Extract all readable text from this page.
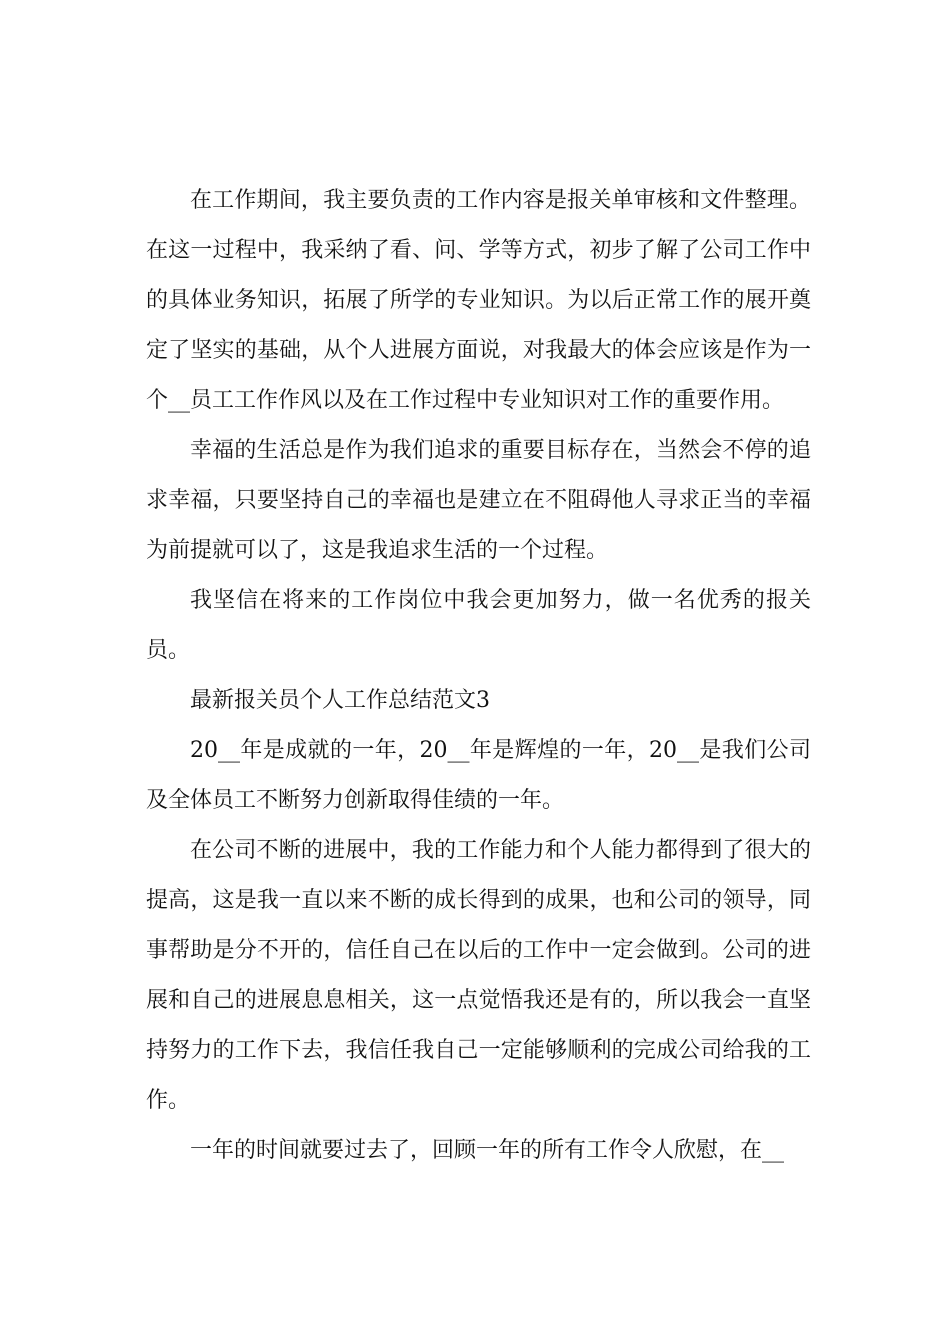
在工作期间，我主要负责的工作内容是报关单审核和文件整理。在这一过程中，我采纳了看、问、学等方式，初步了解了公司工作中的具体业务知识，拓展了所学的专业知识。为以后正常工作的展开奠定了坚实的基础，从个人进展方面说，对我最大的体会应该是作为一个__员工工作作风以及在工作过程中专业知识对工作的重要作用。

幸福的生活总是作为我们追求的重要目标存在，当然会不停的追求幸福，只要坚持自己的幸福也是建立在不阻碍他人寻求正当的幸福为前提就可以了，这是我追求生活的一个过程。

我坚信在将来的工作岗位中我会更加努力，做一名优秀的报关员。

最新报关员个人工作总结范文3

20__年是成就的一年，20__年是辉煌的一年，20__是我们公司及全体员工不断努力创新取得佳绩的一年。

在公司不断的进展中，我的工作能力和个人能力都得到了很大的提高，这是我一直以来不断的成长得到的成果，也和公司的领导，同事帮助是分不开的，信任自己在以后的工作中一定会做到。公司的进展和自己的进展息息相关，这一点觉悟我还是有的，所以我会一直坚持努力的工作下去，我信任我自己一定能够顺利的完成公司给我的工作。

一年的时间就要过去了，回顾一年的所有工作令人欣慰，在__
